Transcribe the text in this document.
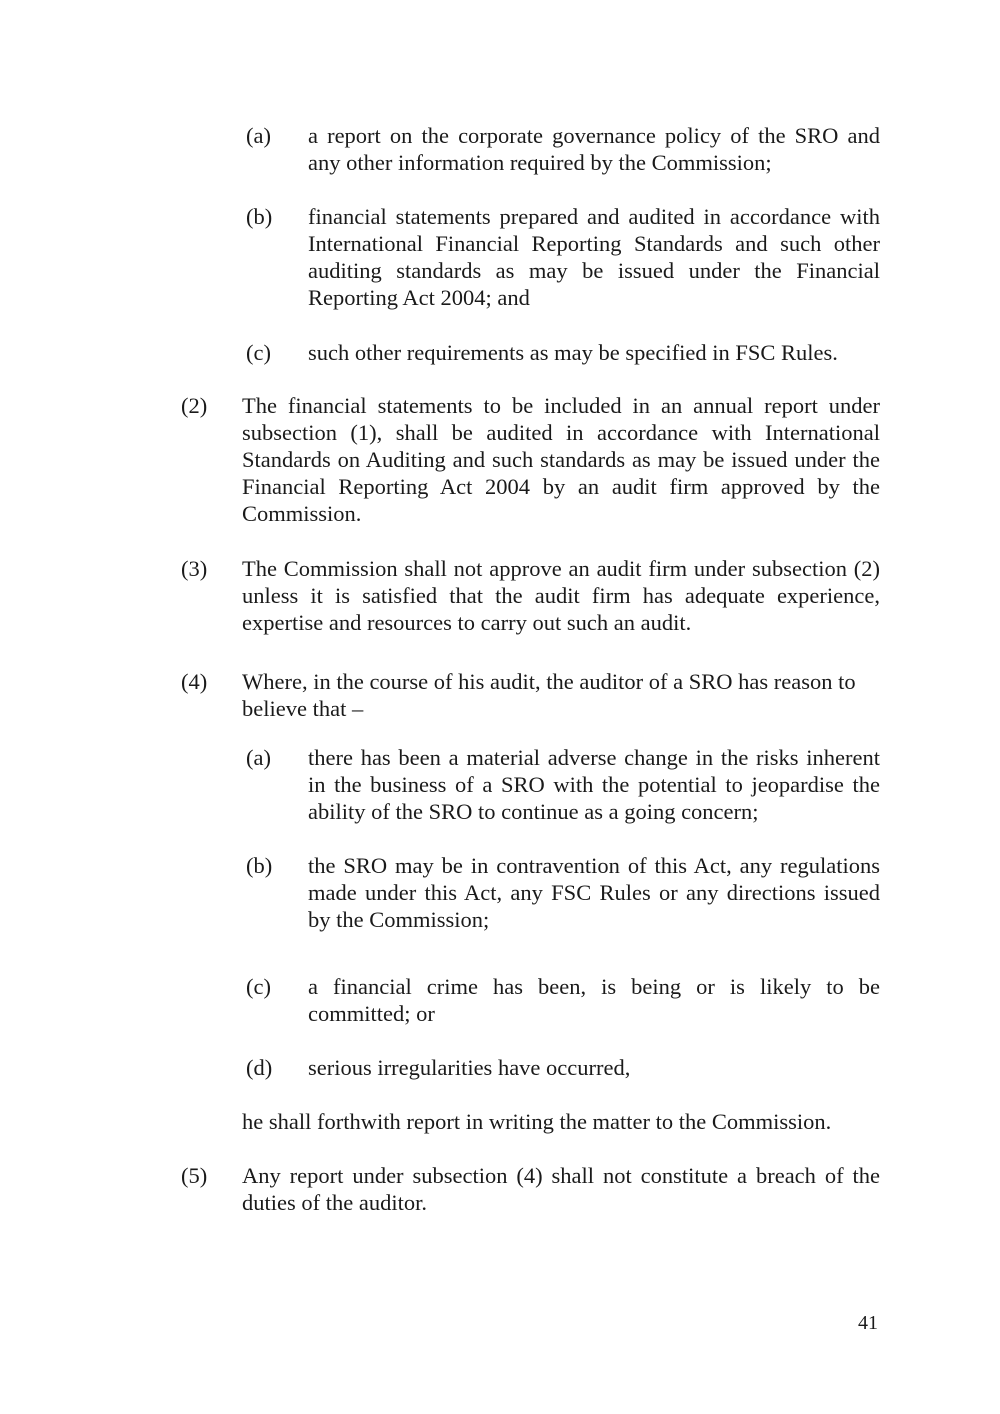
(a) a report on the corporate governance policy of the SRO and any other information required by the Commission;
(b) financial statements prepared and audited in accordance with International Financial Reporting Standards and such other auditing standards as may be issued under the Financial Reporting Act 2004; and
(c) such other requirements as may be specified in FSC Rules.
(2) The financial statements to be included in an annual report under subsection (1), shall be audited in accordance with International Standards on Auditing and such standards as may be issued under the Financial Reporting Act 2004 by an audit firm approved by the Commission.
(3) The Commission shall not approve an audit firm under subsection (2) unless it is satisfied that the audit firm has adequate experience, expertise and resources to carry out such an audit.
(4) Where, in the course of his audit, the auditor of a SRO has reason to believe that –
(a) there has been a material adverse change in the risks inherent in the business of a SRO with the potential to jeopardise the ability of the SRO to continue as a going concern;
(b) the SRO may be in contravention of this Act, any regulations made under this Act, any FSC Rules or any directions issued by the Commission;
(c) a financial crime has been, is being or is likely to be committed; or
(d) serious irregularities have occurred,
he shall forthwith report in writing the matter to the Commission.
(5) Any report under subsection (4) shall not constitute a breach of the duties of the auditor.
41
